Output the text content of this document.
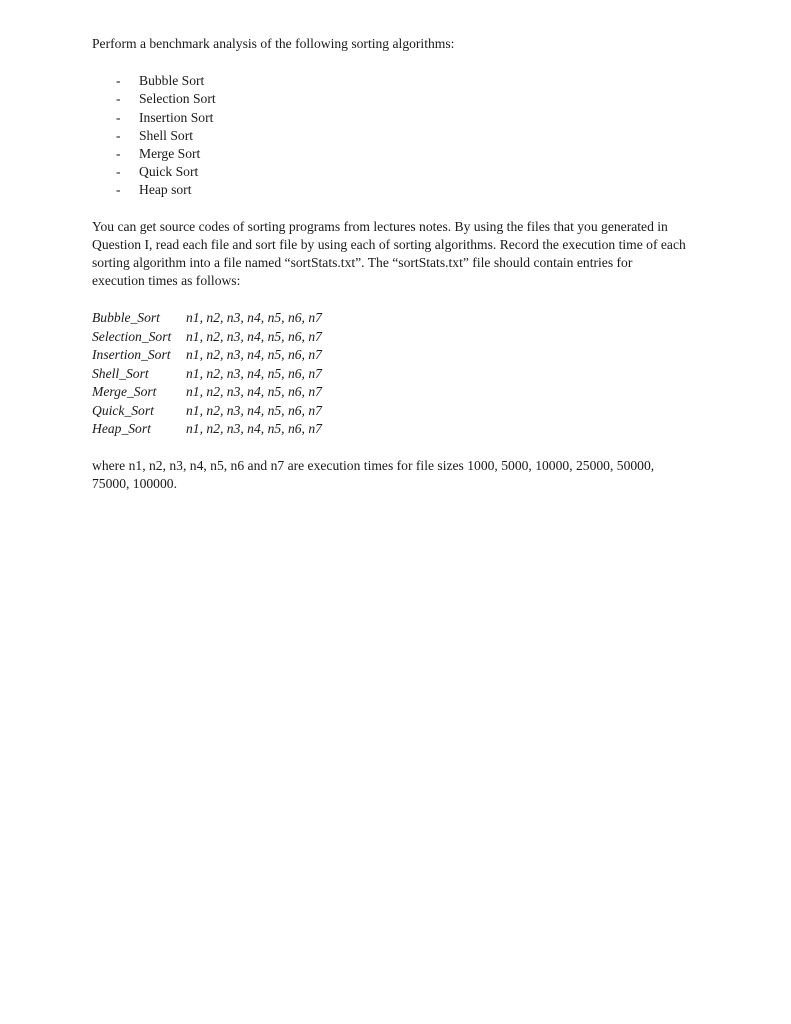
Perform a benchmark analysis of the following sorting algorithms:

- Bubble Sort
- Selection Sort
- Insertion Sort
- Shell Sort
- Merge Sort
- Quick Sort
- Heap sort

You can get source codes of sorting programs from lectures notes. By using the files that you generated in Question I, read each file and sort file by using each of sorting algorithms. Record the execution time of each sorting algorithm into a file named “sortStats.txt”. The “sortStats.txt” file should contain entries for execution times as follows:

Bubble_Sort n1, n2, n3, n4, n5, n6, n7
Selection_Sort n1, n2, n3, n4, n5, n6, n7
Insertion_Sort n1, n2, n3, n4, n5, n6, n7
Shell_Sort	n1, n2, n3, n4, n5, n6, n7
Merge_Sort n1, n2, n3, n4, n5, n6, n7
Quick_Sort n1, n2, n3, n4, n5, n6, n7
Heap_Sort	n1, n2, n3, n4, n5, n6, n7

where n1, n2, n3, n4, n5, n6 and n7 are execution times for file sizes 1000, 5000, 10000, 25000, 50000, 75000, 100000.
